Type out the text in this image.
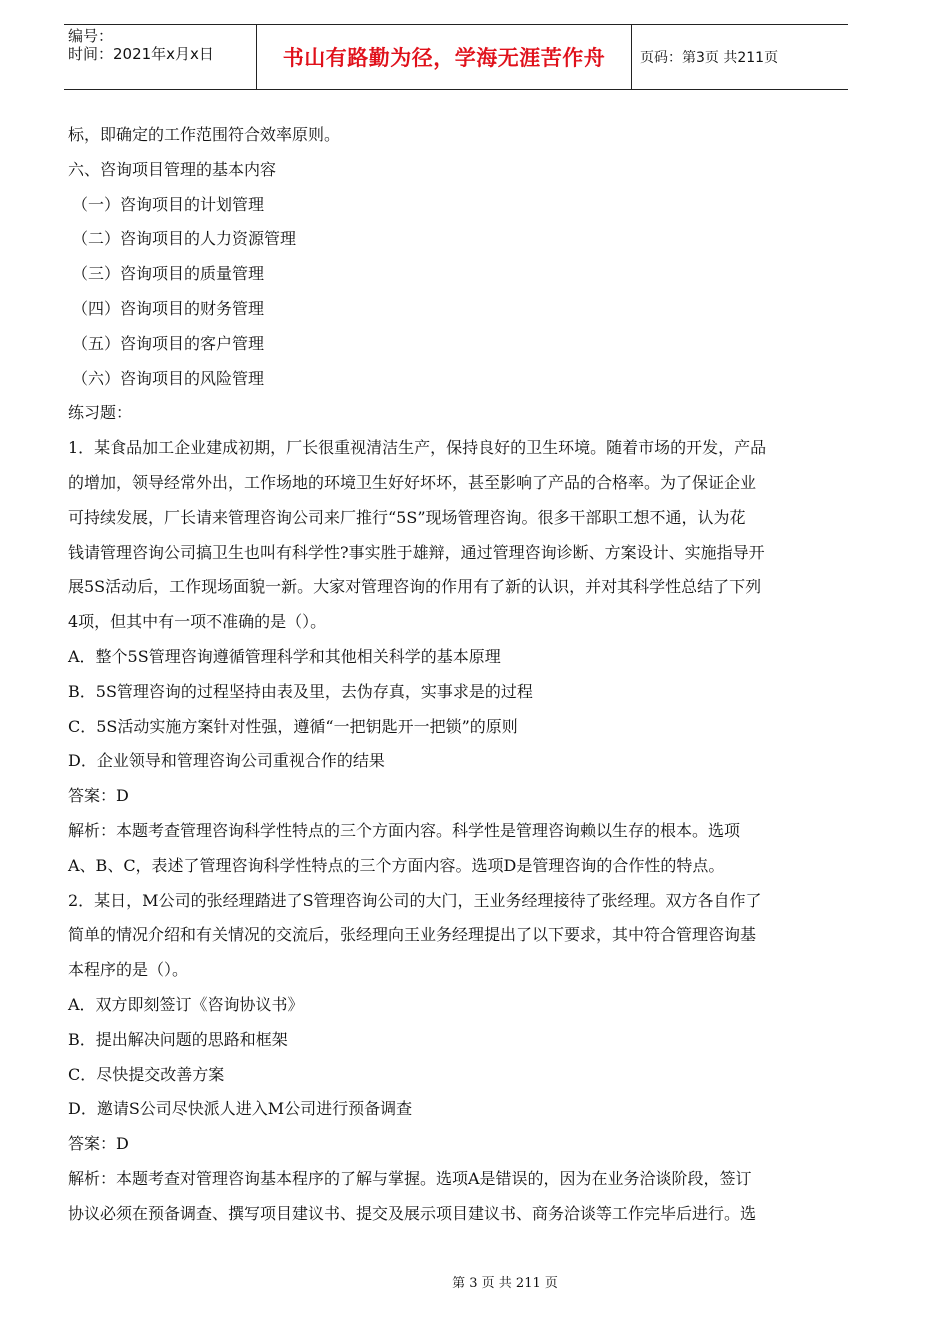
编号：
时间：2021年x月x日	书山有路勤为径，学海无涯苦作舟 页码：第3页 共211页
标，即确定的工作范围符合效率原则。
六、咨询项目管理的基本内容
（一）咨询项目的计划管理
（二）咨询项目的人力资源管理
（三）咨询项目的质量管理
（四）咨询项目的财务管理
（五）咨询项目的客户管理
（六）咨询项目的风险管理
练习题：
1．某食品加工企业建成初期，厂长很重视清洁生产，保持良好的卫生环境。随着市场的开发，产品
的增加，领导经常外出，工作场地的环境卫生好好坏坏，甚至影响了产品的合格率。为了保证企业
可持续发展，厂长请来管理咨询公司来厂推行“5S”现场管理咨询。很多干部职工想不通，认为花
钱请管理咨询公司搞卫生也叫有科学性?事实胜于雄辩，通过管理咨询诊断、方案设计、实施指导开
展5S活动后，工作现场面貌一新。大家对管理咨询的作用有了新的认识，并对其科学性总结了下列
4项，但其中有一项不准确的是（）。
A．整个5S管理咨询遵循管理科学和其他相关科学的基本原理
B．5S管理咨询的过程坚持由表及里，去伪存真，实事求是的过程
C．5S活动实施方案针对性强，遵循“一把钥匙开一把锁”的原则
D．企业领导和管理咨询公司重视合作的结果
答案：D
解析：本题考查管理咨询科学性特点的三个方面内容。科学性是管理咨询赖以生存的根本。选项
A、B、C，表述了管理咨询科学性特点的三个方面内容。选项D是管理咨询的合作性的特点。
2．某日，M公司的张经理踏进了S管理咨询公司的大门，王业务经理接待了张经理。双方各自作了
简单的情况介绍和有关情况的交流后，张经理向王业务经理提出了以下要求，其中符合管理咨询基
本程序的是（）。
A．双方即刻签订《咨询协议书》
B．提出解决问题的思路和框架
C．尽快提交改善方案
D．邀请S公司尽快派人进入M公司进行预备调查
答案：D
解析：本题考查对管理咨询基本程序的了解与掌握。选项A是错误的，因为在业务洽谈阶段，签订
协议必须在预备调查、撰写项目建议书、提交及展示项目建议书、商务洽谈等工作完毕后进行。选
第 3 页 共 211 页
